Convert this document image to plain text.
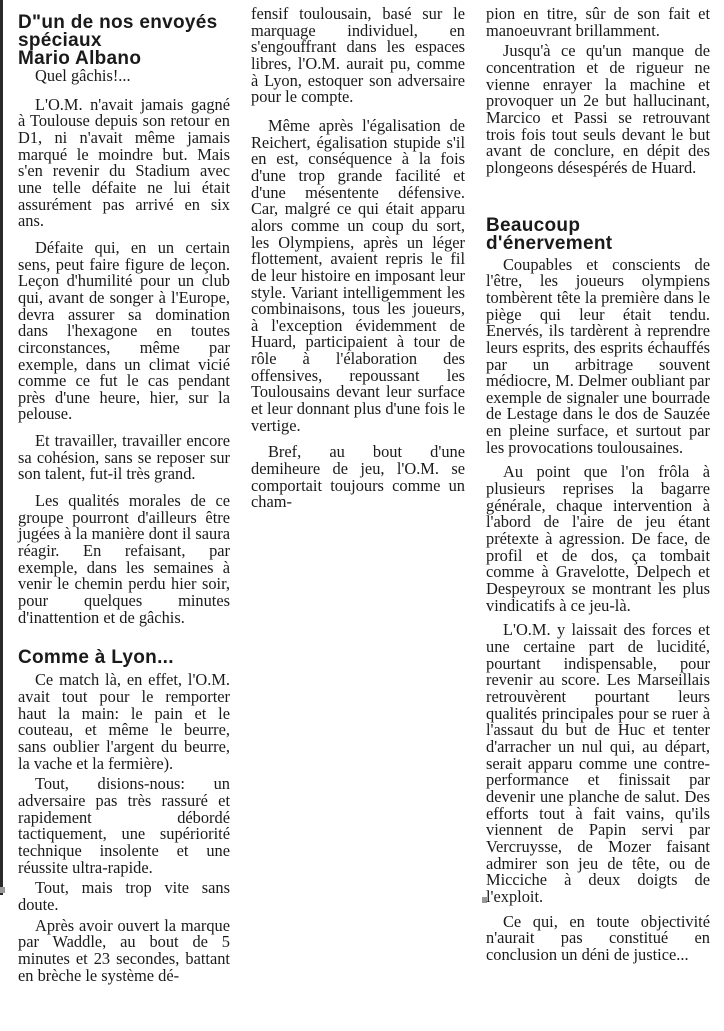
D"un de nos envoyés
spéciaux
Mario Albano

Quel gâchis!...

L'O.M. n'avait jamais gagné à Toulouse depuis son retour en D1, ni n'avait même jamais marqué le moindre but. Mais s'en revenir du Stadium avec une telle défaite ne lui était assurément pas arrivé en six ans.

Défaite qui, en un certain sens, peut faire figure de leçon. Leçon d'humilité pour un club qui, avant de songer à l'Europe, devra assurer sa domination dans l'hexagone en toutes circonstances, même par exemple, dans un climat vicié comme ce fut le cas pendant près d'une heure, hier, sur la pelouse.

Et travailler, travailler encore sa cohésion, sans se reposer sur son talent, fut-il très grand.

Les qualités morales de ce groupe pourront d'ailleurs être jugées à la manière dont il saura réagir. En refaisant, par exemple, dans les semaines à venir le chemin perdu hier soir, pour quelques minutes d'inattention et de gâchis.

Comme à Lyon...

Ce match là, en effet, l'O.M. avait tout pour le remporter haut la main: le pain et le couteau, et même le beurre, sans oublier l'argent du beurre, la vache et la fermière).

Tout, disions-nous: un adversaire pas très rassuré et rapidement débordé tactiquement, une supériorité technique insolente et une réussite ultra-rapide.

Tout, mais trop vite sans doute.

Après avoir ouvert la marque par Waddle, au bout de 5 minutes et 23 secondes, battant en brèche le système dé-

fensif toulousain, basé sur le marquage individuel, en s'engouffrant dans les espaces libres, l'O.M. aurait pu, comme à Lyon, estoquer son adversaire pour le compte.

Même après l'égalisation de Reichert, égalisation stupide s'il en est, conséquence à la fois d'une trop grande facilité et d'une mésentente défensive. Car, malgré ce qui était apparu alors comme un coup du sort, les Olympiens, après un léger flottement, avaient repris le fil de leur histoire en imposant leur style. Variant intelligemment les combinaisons, tous les joueurs, à l'exception évidemment de Huard, participaient à tour de rôle à l'élaboration des offensives, repoussant les Toulousains devant leur surface et leur donnant plus d'une fois le vertige.

Bref, au bout d'une demiheure de jeu, l'O.M. se comportait toujours comme un cham-

pion en titre, sûr de son fait et manoeuvrant brillamment.

Jusqu'à ce qu'un manque de concentration et de rigueur ne vienne enrayer la machine et provoquer un 2e but hallucinant, Marcico et Passi se retrouvant trois fois tout seuls devant le but avant de conclure, en dépit des plongeons désespérés de Huard.

Beaucoup
d'énervement

Coupables et conscients de l'être, les joueurs olympiens tombèrent tête la première dans le piège qui leur était tendu. Enervés, ils tardèrent à reprendre leurs esprits, des esprits échauffés par un arbitrage souvent médiocre, M. Delmer oubliant par exemple de signaler une bourrade de Lestage dans le dos de Sauzée en pleine surface, et surtout par les provocations toulousaines.

Au point que l'on frôla à plusieurs reprises la bagarre générale, chaque intervention à l'abord de l'aire de jeu étant prétexte à agression. De face, de profil et de dos, ça tombait comme à Gravelotte, Delpech et Despeyroux se montrant les plus vindicatifs à ce jeu-là.

L'O.M. y laissait des forces et une certaine part de lucidité, pourtant indispensable, pour revenir au score. Les Marseillais retrouvèrent pourtant leurs qualités principales pour se ruer à l'assaut du but de Huc et tenter d'arracher un nul qui, au départ, serait apparu comme une contre-performance et finissait par devenir une planche de salut. Des efforts tout à fait vains, qu'ils viennent de Papin servi par Vercruysse, de Mozer faisant admirer son jeu de tête, ou de Micciche à deux doigts de l'exploit.

Ce qui, en toute objectivité n'aurait pas constitué en conclusion un déni de justice...
